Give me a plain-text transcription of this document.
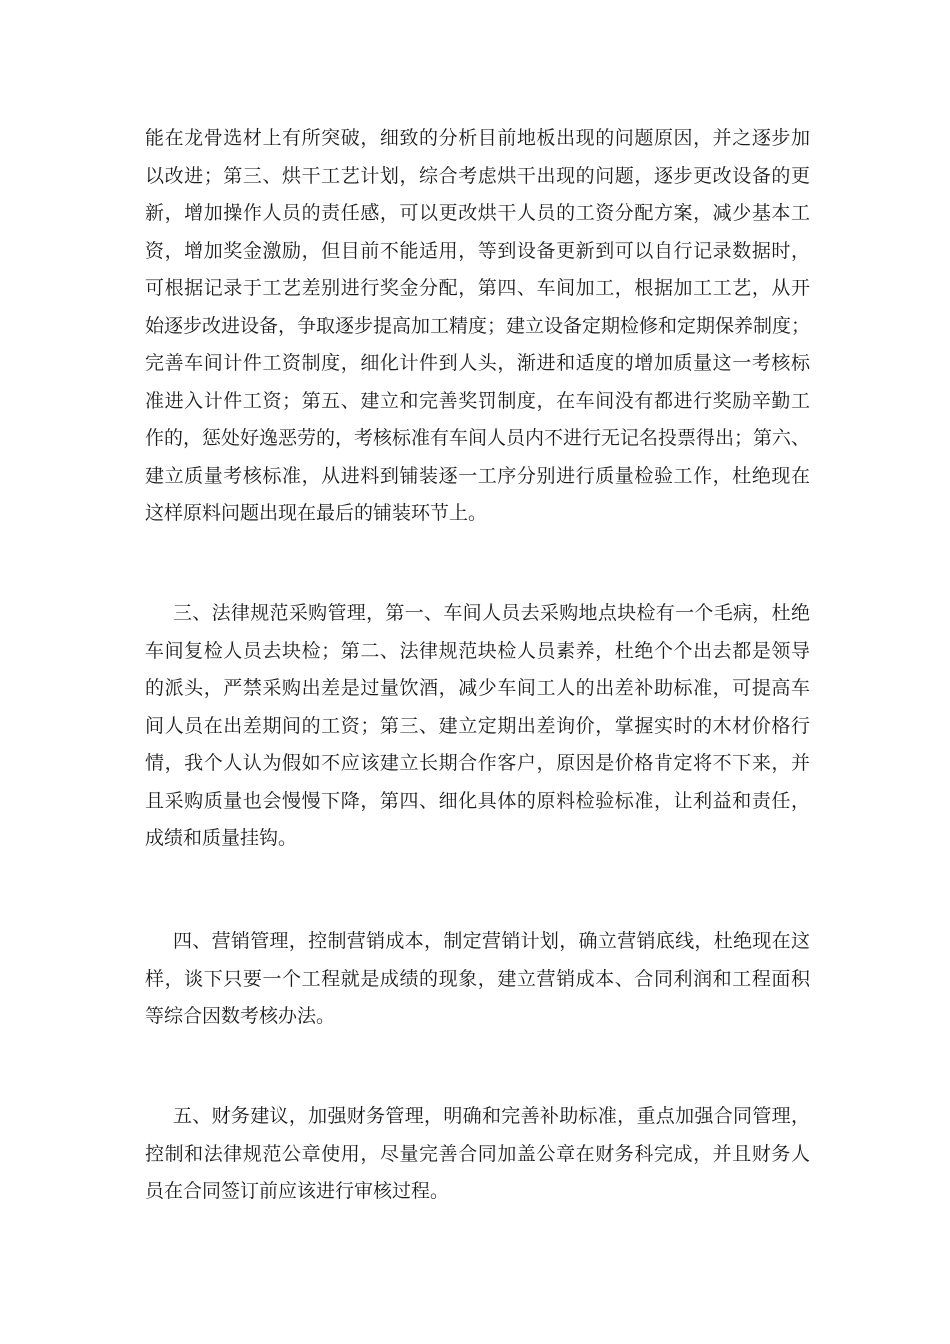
能在龙骨选材上有所突破，细致的分析目前地板出现的问题原因，并之逐步加
以改进；第三、烘干工艺计划，综合考虑烘干出现的问题，逐步更改设备的更
新，增加操作人员的责任感，可以更改烘干人员的工资分配方案，减少基本工
资，增加奖金激励，但目前不能适用，等到设备更新到可以自行记录数据时，
可根据记录于工艺差别进行奖金分配，第四、车间加工，根据加工工艺，从开
始逐步改进设备，争取逐步提高加工精度；建立设备定期检修和定期保养制度；
完善车间计件工资制度，细化计件到人头，渐进和适度的增加质量这一考核标
准进入计件工资；第五、建立和完善奖罚制度，在车间没有都进行奖励辛勤工
作的，惩处好逸恶劳的，考核标准有车间人员内不进行无记名投票得出；第六、
建立质量考核标准，从进料到铺装逐一工序分别进行质量检验工作，杜绝现在
这样原料问题出现在最后的铺装环节上。
三、法律规范采购管理，第一、车间人员去采购地点块检有一个毛病，杜绝
车间复检人员去块检；第二、法律规范块检人员素养，杜绝个个出去都是领导
的派头，严禁采购出差是过量饮酒，减少车间工人的出差补助标准，可提高车
间人员在出差期间的工资；第三、建立定期出差询价，掌握实时的木材价格行
情，我个人认为假如不应该建立长期合作客户，原因是价格肯定将不下来，并
且采购质量也会慢慢下降，第四、细化具体的原料检验标准，让利益和责任，
成绩和质量挂钩。
四、营销管理，控制营销成本，制定营销计划，确立营销底线，杜绝现在这
样，谈下只要一个工程就是成绩的现象，建立营销成本、合同利润和工程面积
等综合因数考核办法。
五、财务建议，加强财务管理，明确和完善补助标准，重点加强合同管理，
控制和法律规范公章使用，尽量完善合同加盖公章在财务科完成，并且财务人
员在合同签订前应该进行审核过程。
